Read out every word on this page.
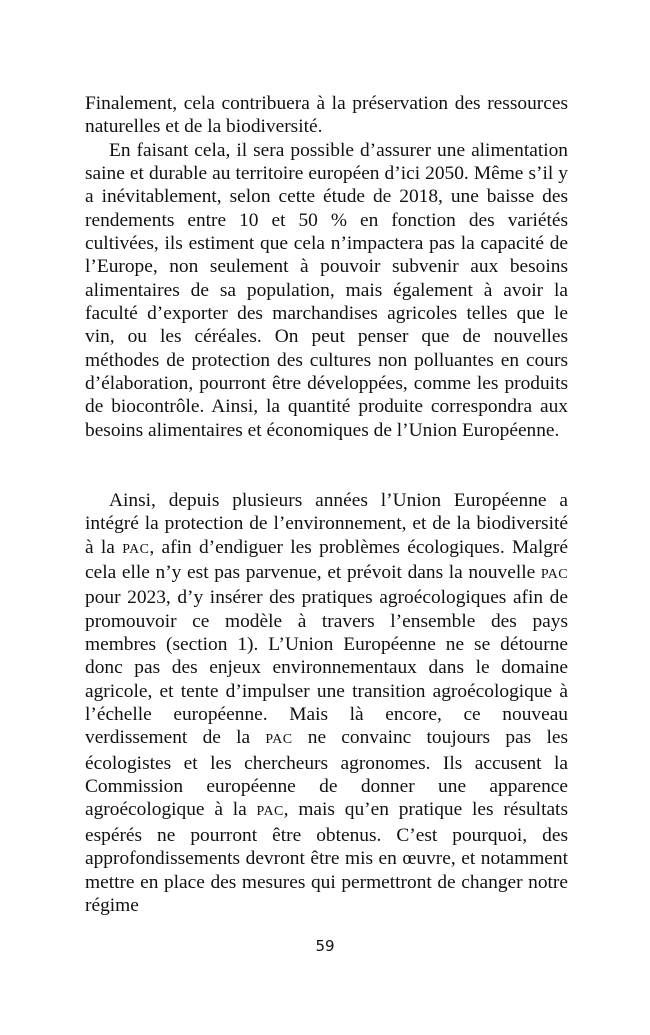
Finalement, cela contribuera à la préservation des ressources naturelles et de la biodiversité.

En faisant cela, il sera possible d’assurer une alimentation saine et durable au territoire européen d’ici 2050. Même s’il y a inévitablement, selon cette étude de 2018, une baisse des rendements entre 10 et 50 % en fonction des variétés cultivées, ils estiment que cela n’impactera pas la capacité de l’Europe, non seulement à pouvoir subvenir aux besoins alimentaires de sa population, mais également à avoir la faculté d’exporter des marchandises agricoles telles que le vin, ou les céréales. On peut penser que de nouvelles méthodes de protection des cultures non polluantes en cours d’élaboration, pourront être développées, comme les produits de biocontrôle. Ainsi, la quantité produite correspondra aux besoins alimentaires et économiques de l’Union Européenne.

Ainsi, depuis plusieurs années l’Union Européenne a intégré la protection de l’environnement, et de la biodiversité à la PAC, afin d’endiguer les problèmes écologiques. Malgré cela elle n’y est pas parvenue, et prévoit dans la nouvelle PAC pour 2023, d’y insérer des pratiques agroécologiques afin de promouvoir ce modèle à travers l’ensemble des pays membres (section 1). L’Union Européenne ne se détourne donc pas des enjeux environnementaux dans le domaine agricole, et tente d’impulser une transition agroécologique à l’échelle européenne. Mais là encore, ce nouveau verdissement de la PAC ne convainc toujours pas les écologistes et les chercheurs agronomes. Ils accusent la Commission européenne de donner une apparence agroécologique à la PAC, mais qu’en pratique les résultats espérés ne pourront être obtenus. C’est pourquoi, des approfondissements devront être mis en œuvre, et notamment mettre en place des mesures qui permettront de changer notre régime

59
